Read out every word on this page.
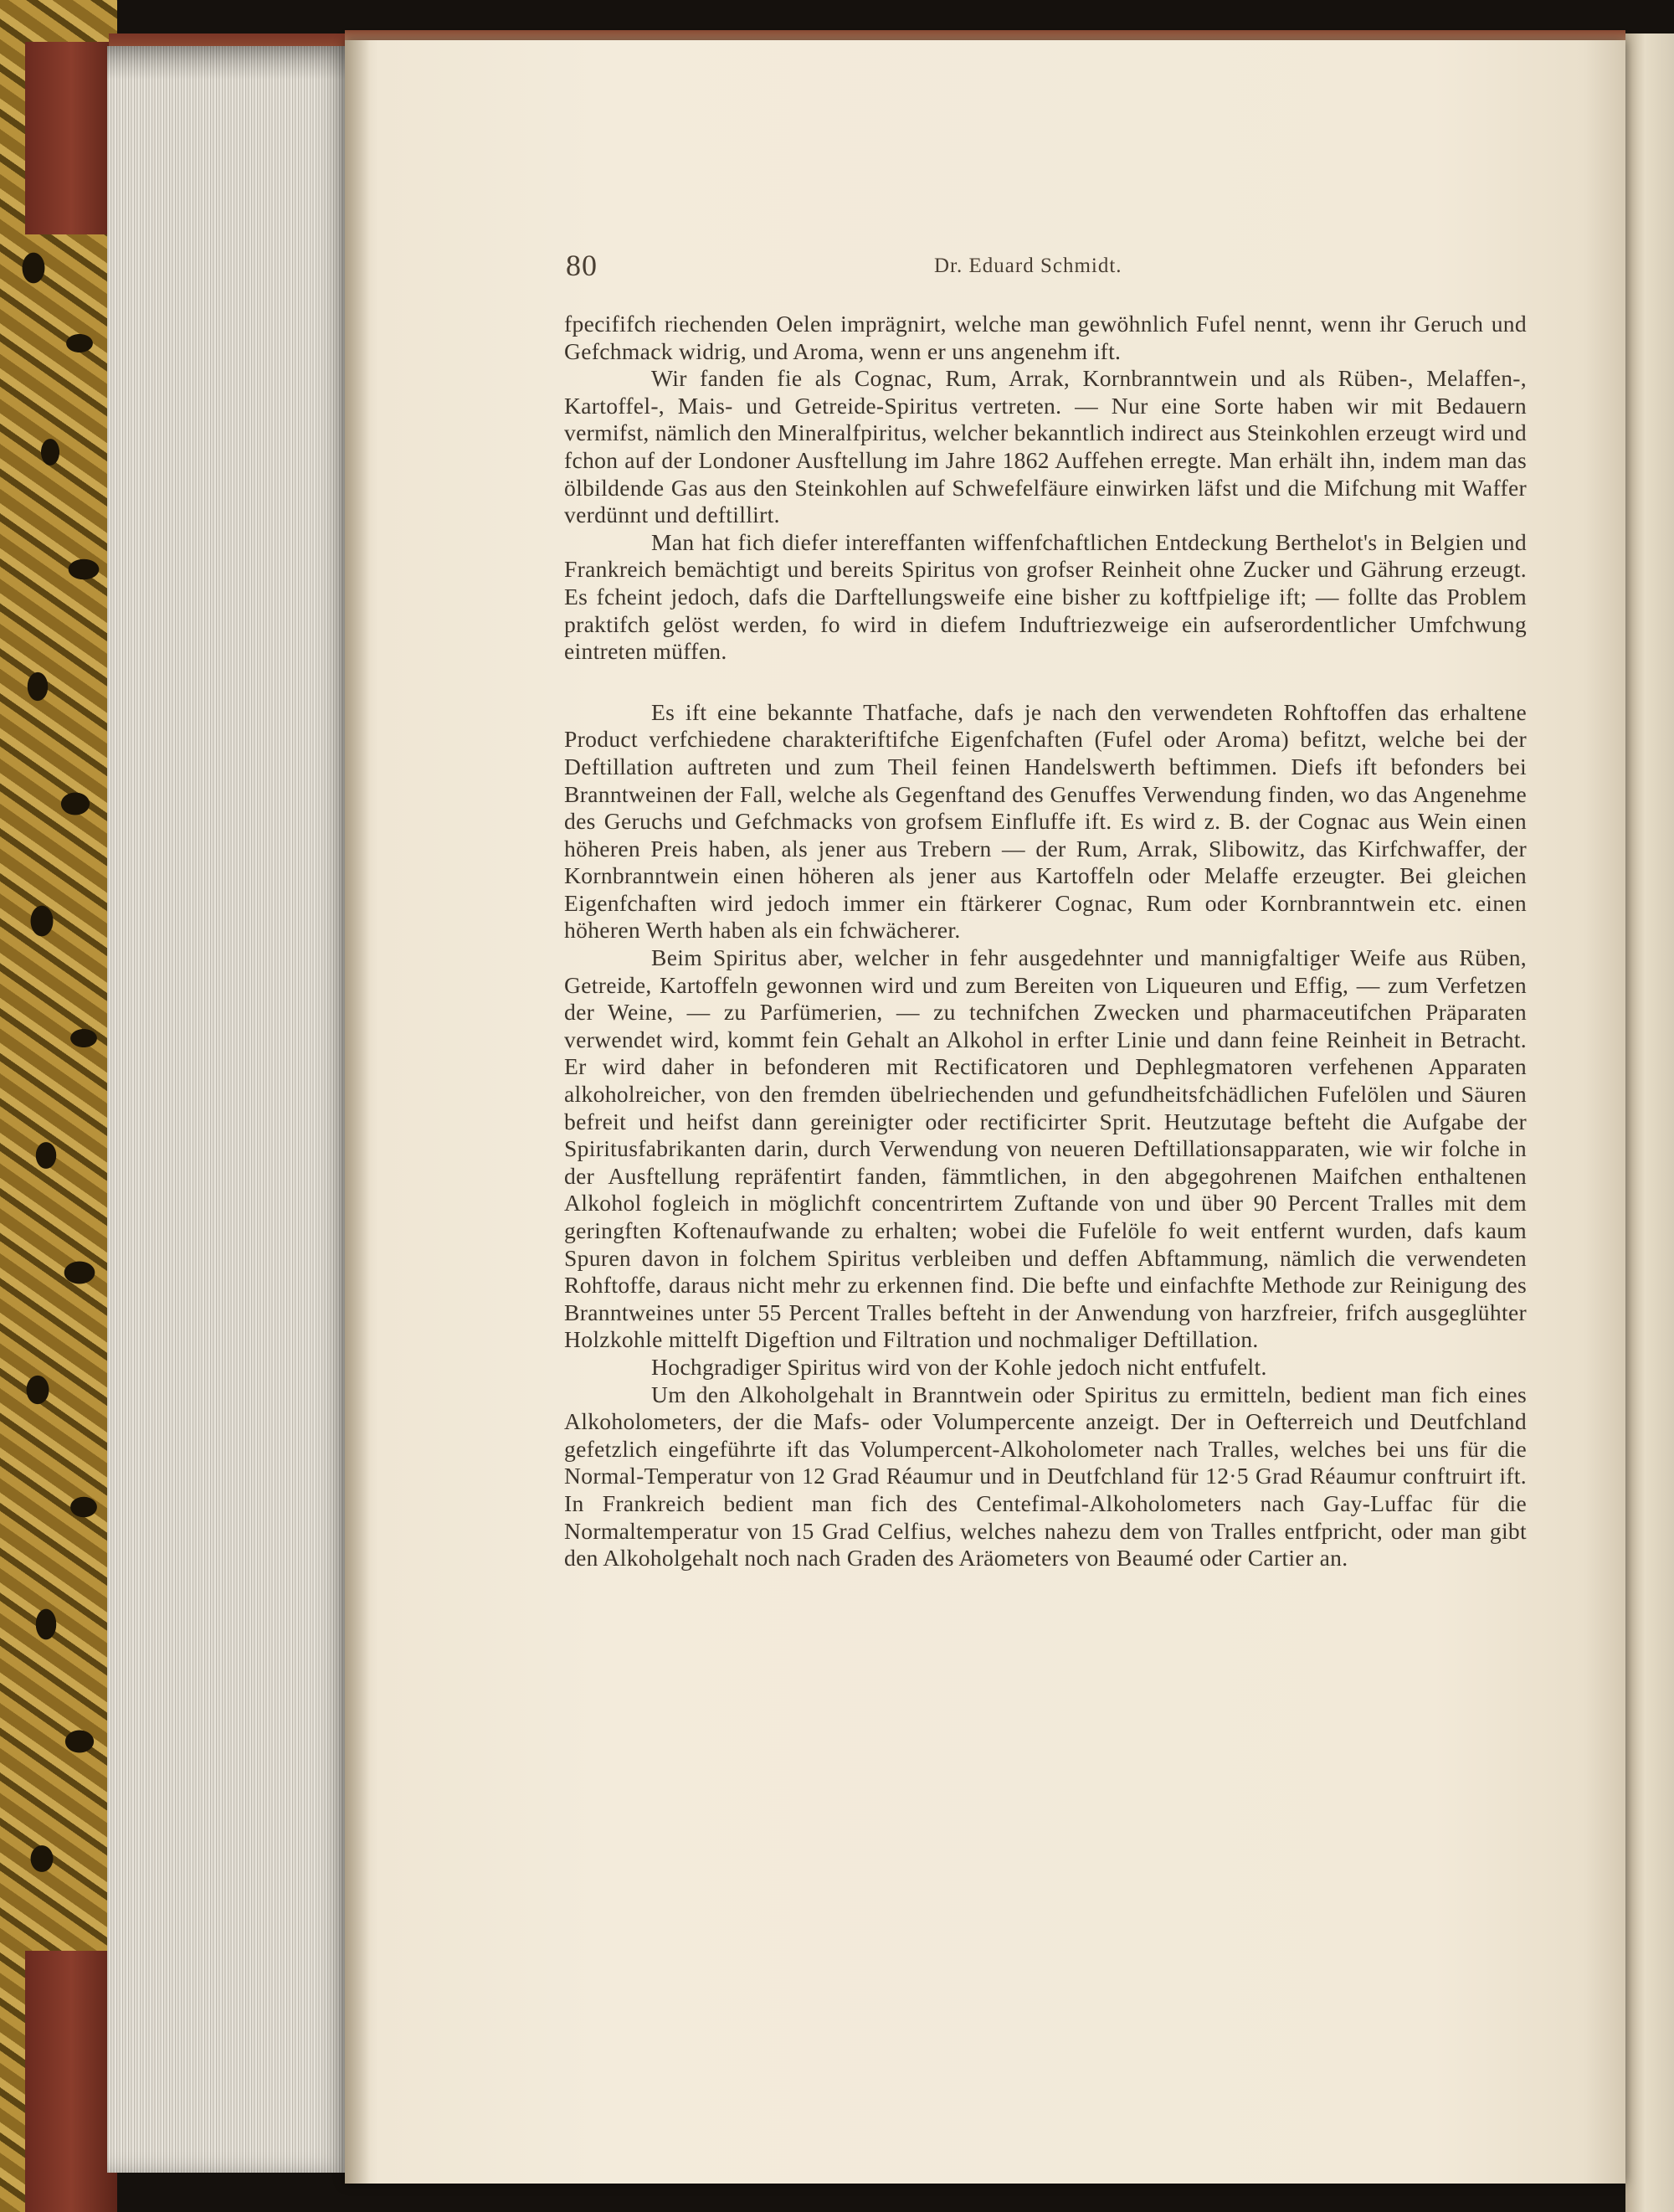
80	Dr. Eduard Schmidt.

fpecififch riechenden Oelen imprägnirt, welche man gewöhnlich Fufel nennt, wenn ihr Geruch und Gefchmack widrig, und Aroma, wenn er uns angenehm ift.

Wir fanden fie als Cognac, Rum, Arrak, Kornbranntwein und als Rüben-, Melaffen-, Kartoffel-, Mais- und Getreide-Spiritus vertreten. — Nur eine Sorte haben wir mit Bedauern vermifst, nämlich den Mineralfpiritus, welcher bekanntlich indirect aus Steinkohlen erzeugt wird und fchon auf der Londoner Ausftellung im Jahre 1862 Auffehen erregte. Man erhält ihn, indem man das ölbildende Gas aus den Steinkohlen auf Schwefelfäure einwirken läfst und die Mifchung mit Waffer verdünnt und deftillirt.

Man hat fich diefer intereffanten wiffenfchaftlichen Entdeckung Berthelot's in Belgien und Frankreich bemächtigt und bereits Spiritus von grofser Reinheit ohne Zucker und Gährung erzeugt. Es fcheint jedoch, dafs die Darftellungsweife eine bisher zu koftfpielige ift; — follte das Problem praktifch gelöst werden, fo wird in diefem Induftriezweige ein aufserordentlicher Umfchwung eintreten müffen.

Es ift eine bekannte Thatfache, dafs je nach den verwendeten Rohftoffen das erhaltene Product verfchiedene charakteriftifche Eigenfchaften (Fufel oder Aroma) befitzt, welche bei der Deftillation auftreten und zum Theil feinen Handelswerth beftimmen. Diefs ift befonders bei Branntweinen der Fall, welche als Gegenftand des Genuffes Verwendung finden, wo das Angenehme des Geruchs und Gefchmacks von grofsem Einfluffe ift. Es wird z. B. der Cognac aus Wein einen höheren Preis haben, als jener aus Trebern — der Rum, Arrak, Slibowitz, das Kirfchwaffer, der Kornbranntwein einen höheren als jener aus Kartoffeln oder Melaffe erzeugter. Bei gleichen Eigenfchaften wird jedoch immer ein ftärkerer Cognac, Rum oder Kornbranntwein etc. einen höheren Werth haben als ein fchwächerer.

Beim Spiritus aber, welcher in fehr ausgedehnter und mannigfaltiger Weife aus Rüben, Getreide, Kartoffeln gewonnen wird und zum Bereiten von Liqueuren und Effig, — zum Verfetzen der Weine, — zu Parfümerien, — zu technifchen Zwecken und pharmaceutifchen Präparaten verwendet wird, kommt fein Gehalt an Alkohol in erfter Linie und dann feine Reinheit in Betracht. Er wird daher in befonderen mit Rectificatoren und Dephlegmatoren verfehenen Apparaten alkoholreicher, von den fremden übelriechenden und gefundheitsfchädlichen Fufelölen und Säuren befreit und heifst dann gereinigter oder rectificirter Sprit. Heutzutage befteht die Aufgabe der Spiritusfabrikanten darin, durch Verwendung von neueren Deftillationsapparaten, wie wir folche in der Ausftellung repräfentirt fanden, fämmtlichen, in den abgegohrenen Maifchen enthaltenen Alkohol fogleich in möglichft concentrirtem Zuftande von und über 90 Percent Tralles mit dem geringften Koftenaufwande zu erhalten; wobei die Fufelöle fo weit entfernt wurden, dafs kaum Spuren davon in folchem Spiritus verbleiben und deffen Abftammung, nämlich die verwendeten Rohftoffe, daraus nicht mehr zu erkennen find. Die befte und einfachfte Methode zur Reinigung des Branntweines unter 55 Percent Tralles befteht in der Anwendung von harzfreier, frifch ausgeglühter Holzkohle mittelft Digeftion und Filtration und nochmaliger Deftillation.

Hochgradiger Spiritus wird von der Kohle jedoch nicht entfufelt.

Um den Alkoholgehalt in Branntwein oder Spiritus zu ermitteln, bedient man fich eines Alkoholometers, der die Mafs- oder Volumpercente anzeigt. Der in Oefterreich und Deutfchland gefetzlich eingeführte ift das Volumpercent-Alkoholometer nach Tralles, welches bei uns für die Normal-Temperatur von 12 Grad Réaumur und in Deutfchland für 12·5 Grad Réaumur conftruirt ift. In Frankreich bedient man fich des Centefimal-Alkoholometers nach Gay-Luffac für die Normaltemperatur von 15 Grad Celfius, welches nahezu dem von Tralles entfpricht, oder man gibt den Alkoholgehalt noch nach Graden des Aräometers von Beaumé oder Cartier an.
